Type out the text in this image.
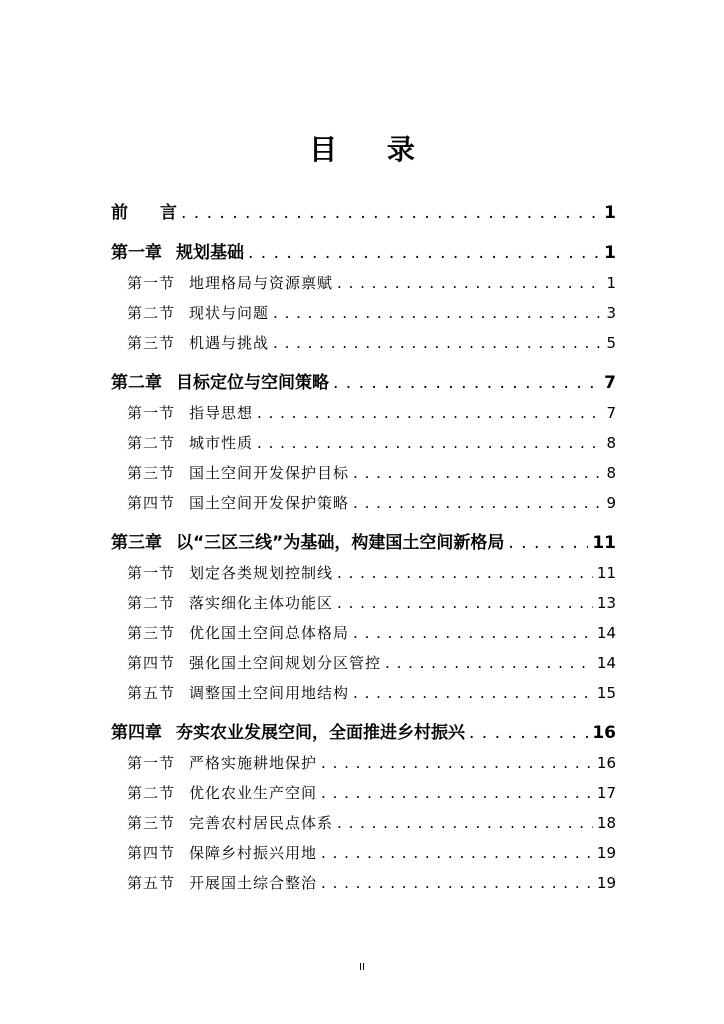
目 录
前 言 . . .	1
第一章 规划基础 . . .	1
第一节 地理格局与资源禀赋 . . .	1
第二节 现状与问题 . . .	3
第三节 机遇与挑战 . . .	5
第二章 目标定位与空间策略 . . .	7
第一节 指导思想 . . .	7
第二节 城市性质 . . .	8
第三节 国土空间开发保护目标 . . .	8
第四节 国土空间开发保护策略 . . .	9
第三章 以“三区三线”为基础，构建国土空间新格局 . . .	11
第一节 划定各类规划控制线 . . .	11
第二节 落实细化主体功能区 . . .	13
第三节 优化国土空间总体格局 . . .	14
第四节 强化国土空间规划分区管控 . . .	14
第五节 调整国土空间用地结构 . . .	15
第四章 夯实农业发展空间，全面推进乡村振兴 . . .	16
第一节 严格实施耕地保护 . . .	16
第二节 优化农业生产空间 . . .	17
第三节 完善农村居民点体系 . . .	18
第四节 保障乡村振兴用地 . . .	19
第五节 开展国土综合整治 . . .	19
II
